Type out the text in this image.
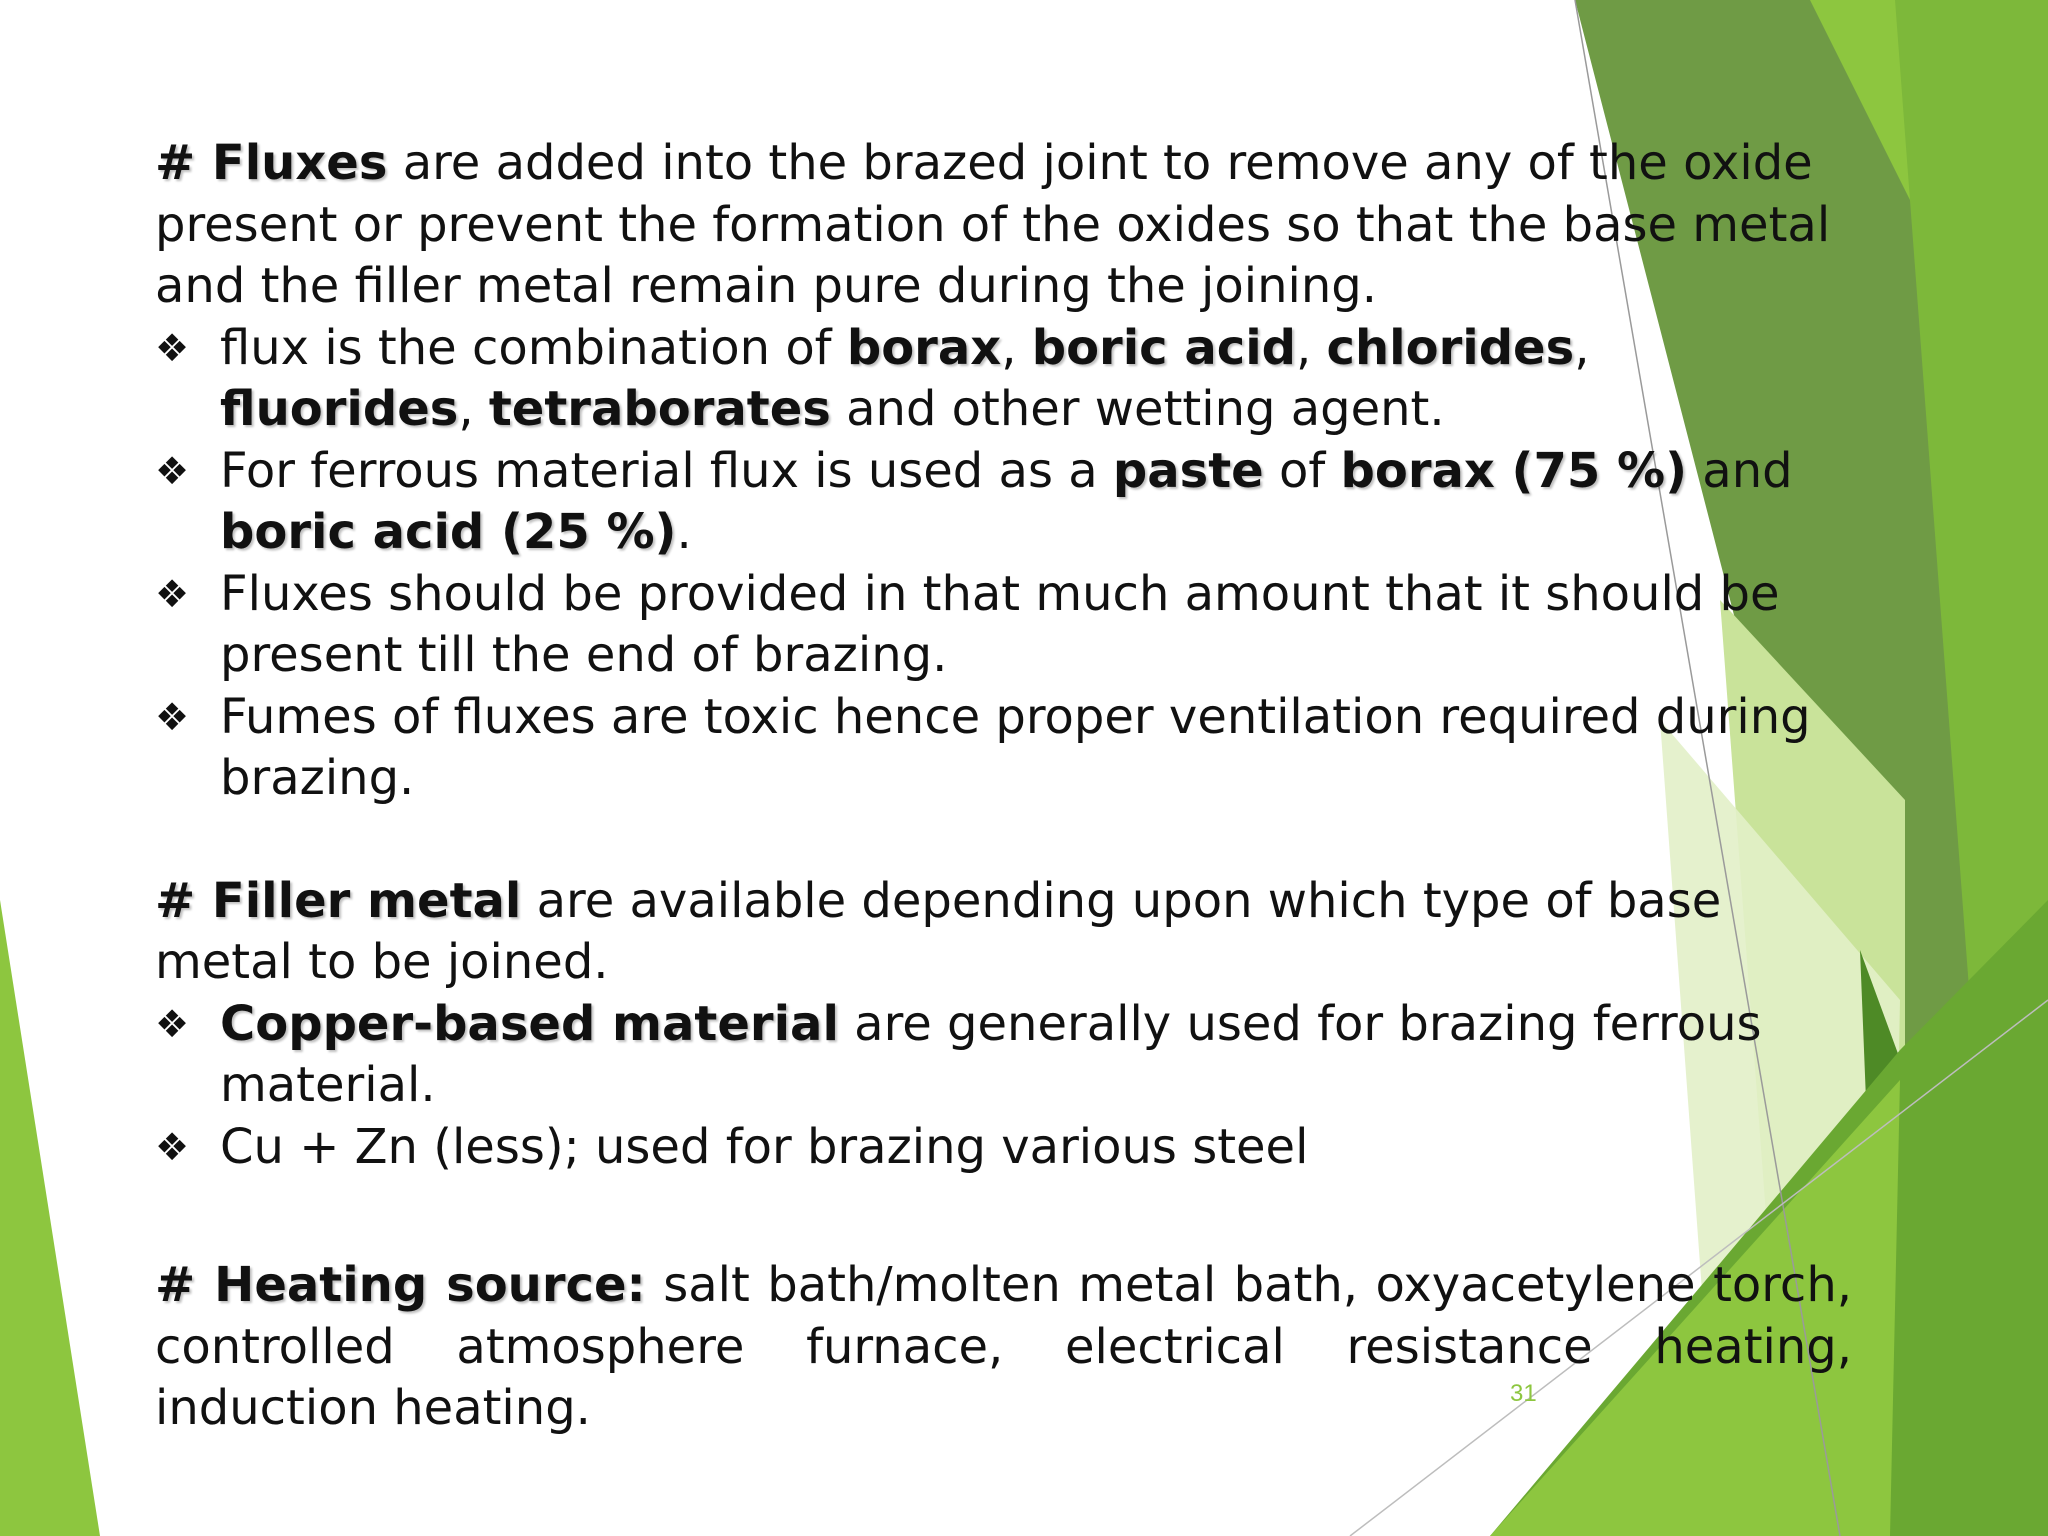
# Fluxes are added into the brazed joint to remove any of the oxide present or prevent the formation of the oxides so that the base metal and the filler metal remain pure during the joining.

❖ flux is the combination of borax, boric acid, chlorides, fluorides, tetraborates and other wetting agent.
❖ For ferrous material flux is used as a paste of borax (75 %) and boric acid (25 %).
❖ Fluxes should be provided in that much amount that it should be present till the end of brazing.
❖ Fumes of fluxes are toxic hence proper ventilation required during brazing.

# Filler metal are available depending upon which type of base metal to be joined.

❖ Copper-based material are generally used for brazing ferrous material.
❖ Cu + Zn (less); used for brazing various steel

# Heating source: salt bath/molten metal bath, oxyacetylene torch, controlled atmosphere furnace, electrical resistance heating, induction heating.	31
